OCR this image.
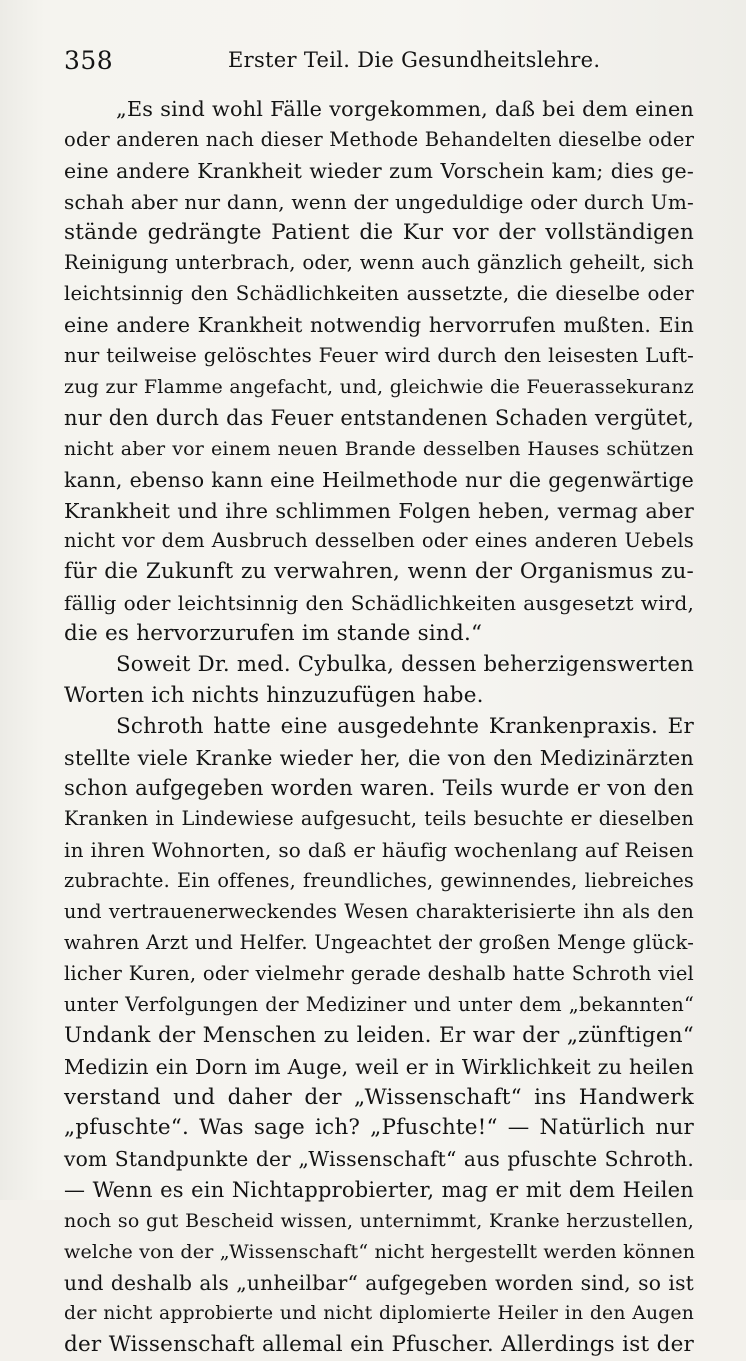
358	Erster Teil. Die Gesundheitslehre.
„Es sind wohl Fälle vorgekommen, daß bei dem einen
oder anderen nach dieser Methode Behandelten dieselbe oder
eine andere Krankheit wieder zum Vorschein kam; dies ge-
schah aber nur dann, wenn der ungeduldige oder durch Um-
stände gedrängte Patient die Kur vor der vollständigen
Reinigung unterbrach, oder, wenn auch gänzlich geheilt, sich
leichtsinnig den Schädlichkeiten aussetzte, die dieselbe oder
eine andere Krankheit notwendig hervorrufen mußten. Ein
nur teilweise gelöschtes Feuer wird durch den leisesten Luft-
zug zur Flamme angefacht, und, gleichwie die Feuerassekuranz
nur den durch das Feuer entstandenen Schaden vergütet,
nicht aber vor einem neuen Brande desselben Hauses schützen
kann, ebenso kann eine Heilmethode nur die gegenwärtige
Krankheit und ihre schlimmen Folgen heben, vermag aber
nicht vor dem Ausbruch desselben oder eines anderen Uebels
für die Zukunft zu verwahren, wenn der Organismus zu-
fällig oder leichtsinnig den Schädlichkeiten ausgesetzt wird,
die es hervorzurufen im stande sind.“
Soweit Dr. med. Cybulka, dessen beherzigenswerten
Worten ich nichts hinzuzufügen habe.
Schroth hatte eine ausgedehnte Krankenpraxis. Er
stellte viele Kranke wieder her, die von den Medizinärzten
schon aufgegeben worden waren. Teils wurde er von den
Kranken in Lindewiese aufgesucht, teils besuchte er dieselben
in ihren Wohnorten, so daß er häufig wochenlang auf Reisen
zubrachte. Ein offenes, freundliches, gewinnendes, liebreiches
und vertrauenerweckendes Wesen charakterisierte ihn als den
wahren Arzt und Helfer. Ungeachtet der großen Menge glück-
licher Kuren, oder vielmehr gerade deshalb hatte Schroth viel
unter Verfolgungen der Mediziner und unter dem „bekannten“
Undank der Menschen zu leiden. Er war der „zünftigen“
Medizin ein Dorn im Auge, weil er in Wirklichkeit zu heilen
verstand und daher der „Wissenschaft“ ins Handwerk
„pfuschte“. Was sage ich? „Pfuschte!“ — Natürlich nur
vom Standpunkte der „Wissenschaft“ aus pfuschte Schroth.
— Wenn es ein Nichtapprobierter, mag er mit dem Heilen
noch so gut Bescheid wissen, unternimmt, Kranke herzustellen,
welche von der „Wissenschaft“ nicht hergestellt werden können
und deshalb als „unheilbar“ aufgegeben worden sind, so ist
der nicht approbierte und nicht diplomierte Heiler in den Augen
der Wissenschaft allemal ein Pfuscher. Allerdings ist der
